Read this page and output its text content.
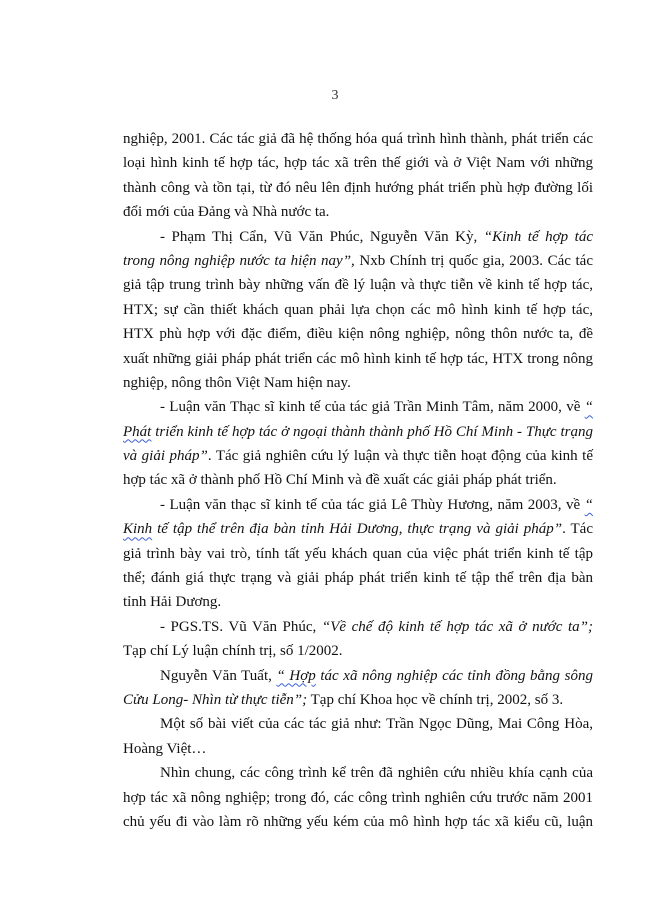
3
nghiệp, 2001. Các tác giả đã hệ thống hóa quá trình hình thành, phát triển các
loại hình kinh tế hợp tác, hợp tác xã trên thế giới và ở Việt Nam với những
thành công và tồn tại, từ đó nêu lên định hướng phát triển phù hợp đường lối
đổi mới của Đảng và Nhà nước ta.
- Phạm Thị Cẩn, Vũ Văn Phúc, Nguyễn Văn Kỳ, “Kinh tế hợp tác
trong nông nghiệp nước ta hiện nay”, Nxb Chính trị quốc gia, 2003. Các tác
giả tập trung trình bày những vấn đề lý luận và thực tiễn về kinh tế hợp tác,
HTX; sự cần thiết khách quan phải lựa chọn các mô hình kinh tế hợp tác,
HTX phù hợp với đặc điểm, điều kiện nông nghiệp, nông thôn nước ta, đề
xuất những giải pháp phát triển các mô hình kinh tế hợp tác, HTX trong nông
nghiệp, nông thôn Việt Nam hiện nay.
- Luận văn Thạc sĩ kinh tế của tác giả Trần Minh Tâm, năm 2000, về “
Phát triển kinh tế hợp tác ở ngoại thành thành phố Hồ Chí Minh - Thực trạng
và giải pháp”. Tác giả nghiên cứu lý luận và thực tiễn hoạt động của kinh tế
hợp tác xã ở thành phố Hồ Chí Minh và đề xuất các giải pháp phát triển.
- Luận văn thạc sĩ kinh tế của tác giả Lê Thùy Hương, năm 2003, về “
Kinh tế tập thể trên địa bàn tỉnh Hải Dương, thực trạng và giải pháp”. Tác
giả trình bày vai trò, tính tất yếu khách quan của việc phát triển kinh tế tập
thể; đánh giá thực trạng và giải pháp phát triển kinh tế tập thể trên địa bàn
tỉnh Hải Dương.
- PGS.TS. Vũ Văn Phúc, “Về chế độ kinh tế hợp tác xã ở nước ta”;
Tạp chí Lý luận chính trị, số 1/2002.
Nguyễn Văn Tuất, “ Hợp tác xã nông nghiệp các tỉnh đồng bằng sông
Cửu Long- Nhìn từ thực tiễn”; Tạp chí Khoa học về chính trị, 2002, số 3.
Một số bài viết của các tác giả như: Trần Ngọc Dũng, Mai Công Hòa,
Hoàng Việt…
Nhìn chung, các công trình kể trên đã nghiên cứu nhiều khía cạnh của
hợp tác xã nông nghiệp; trong đó, các công trình nghiên cứu trước năm 2001
chủ yếu đi vào làm rõ những yếu kém của mô hình hợp tác xã kiểu cũ, luận
